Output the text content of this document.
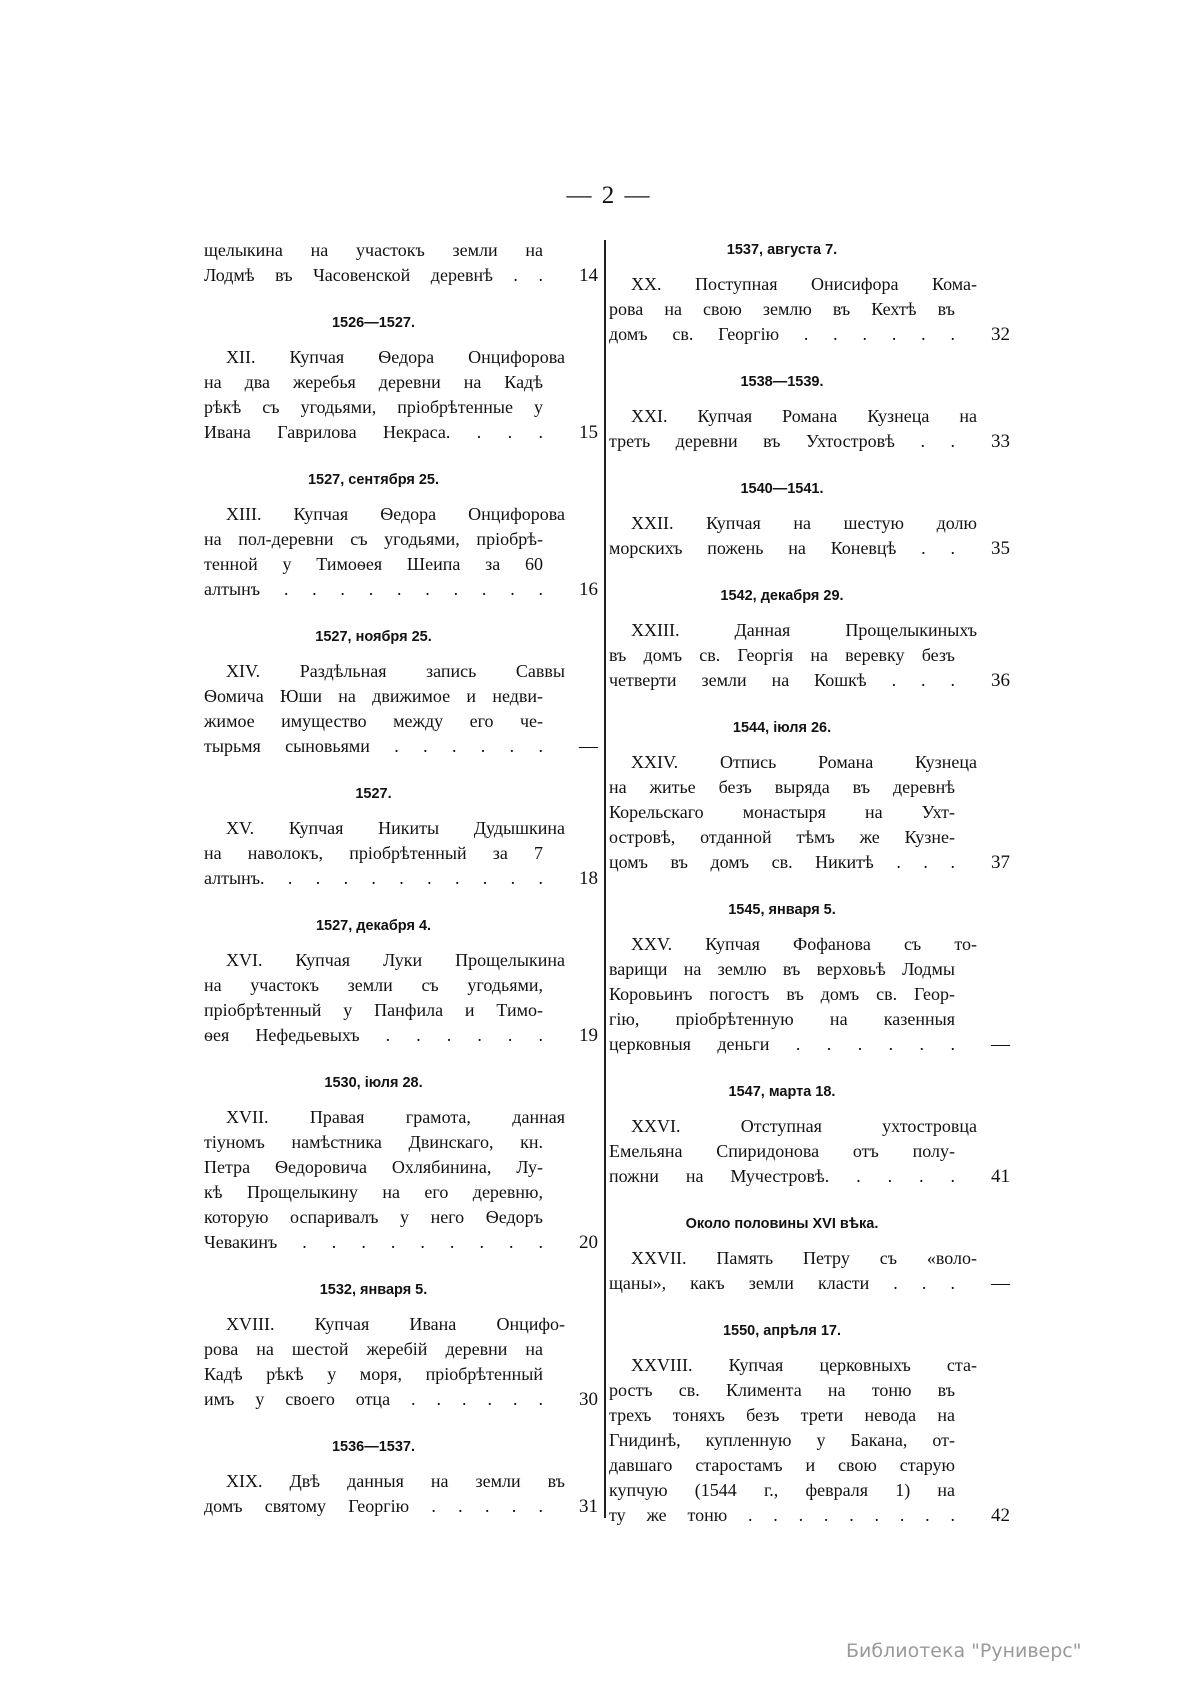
— 2 —
щелыкина на участокъ земли на
Лодмѣ въ Часовенской деревнѣ . . 14
1526—1527.
XII. Купчая Ѳедора Онцифорова
на два жеребья деревни на Кадѣ
рѣкѣ съ угодьями, пріобрѣтенные у
Ивана Гаврилова Некраса. . . . 15
1527, сентября 25.
XIII. Купчая Ѳедора Онцифорова
на пол-деревни съ угодьями, пріобрѣ-
тенной у Тимоѳея Шеипа за 60
алтынъ . . . . . . . . . . 16
1527, ноября 25.
XIV. Раздѣльная запись Саввы
Ѳомича Юши на движимое и недви-
жимое имущество между его че-
тырьмя сыновьями . . . . . . —
1527.
XV. Купчая Никиты Дудышкина
на наволокъ, пріобрѣтенный за 7
алтынъ. . . . . . . . . . . 18
1527, декабря 4.
XVI. Купчая Луки Прощелыкина
на участокъ земли съ угодьями,
пріобрѣтенный у Панфила и Тимо-
ѳея Нефедьевыхъ . . . . . . 19
1530, іюля 28.
XVII. Правая грамота, данная
тіуномъ намѣстника Двинскаго, кн.
Петра Ѳедоровича Охлябинина, Лу-
кѣ Прощелыкину на его деревню,
которую оспаривалъ у него Ѳедоръ
Чевакинъ . . . . . . . . . 20
1532, января 5.
XVIII. Купчая Ивана Онцифо-
рова на шестой жеребій деревни на
Кадѣ рѣкѣ у моря, пріобрѣтенный
имъ у своего отца . . . . . . 30
1536—1537.
XIX. Двѣ данныя на земли въ
домъ святому Георгію . . . . . 31
1537, августа 7.
XX. Поступная Онисифора Кома-
рова на свою землю въ Кехтѣ въ
домъ св. Георгію . . . . . . 32
1538—1539.
XXI. Купчая Романа Кузнеца на
треть деревни въ Ухтостровѣ . . 33
1540—1541.
XXII. Купчая на шестую долю
морскихъ пожень на Коневцѣ . . 35
1542, декабря 29.
XXIII. Данная Прощелыкиныхъ
въ домъ св. Георгія на веревку безъ
четверти земли на Кошкѣ . . . 36
1544, іюля 26.
XXIV. Отпись Романа Кузнеца
на житье безъ выряда въ деревнѣ
Корельскаго монастыря на Ухт-
островѣ, отданной тѣмъ же Кузне-
цомъ въ домъ св. Никитѣ . . . 37
1545, января 5.
XXV. Купчая Фофанова съ то-
варищи на землю въ верховьѣ Лодмы
Коровьинъ погостъ въ домъ св. Геор-
гію, пріобрѣтенную на казенныя
церковныя деньги . . . . . . —
1547, марта 18.
XXVI. Отступная ухтостровца
Емельяна Спиридонова отъ полу-
пожни на Мучестровѣ. . . . . 41
Около половины XVI вѣка.
XXVII. Память Петру съ «воло-
щаны», какъ земли класти . . . —
1550, апрѣля 17.
XXVIII. Купчая церковныхъ ста-
ростъ св. Климента на тоню въ
трехъ тоняхъ безъ трети невода на
Гнидинѣ, купленную у Бакана, от-
давшаго старостамъ и свою старую
купчую (1544 г., февраля 1) на
ту же тоню . . . . . . . . . 42
Библиотека "Руниверс"
